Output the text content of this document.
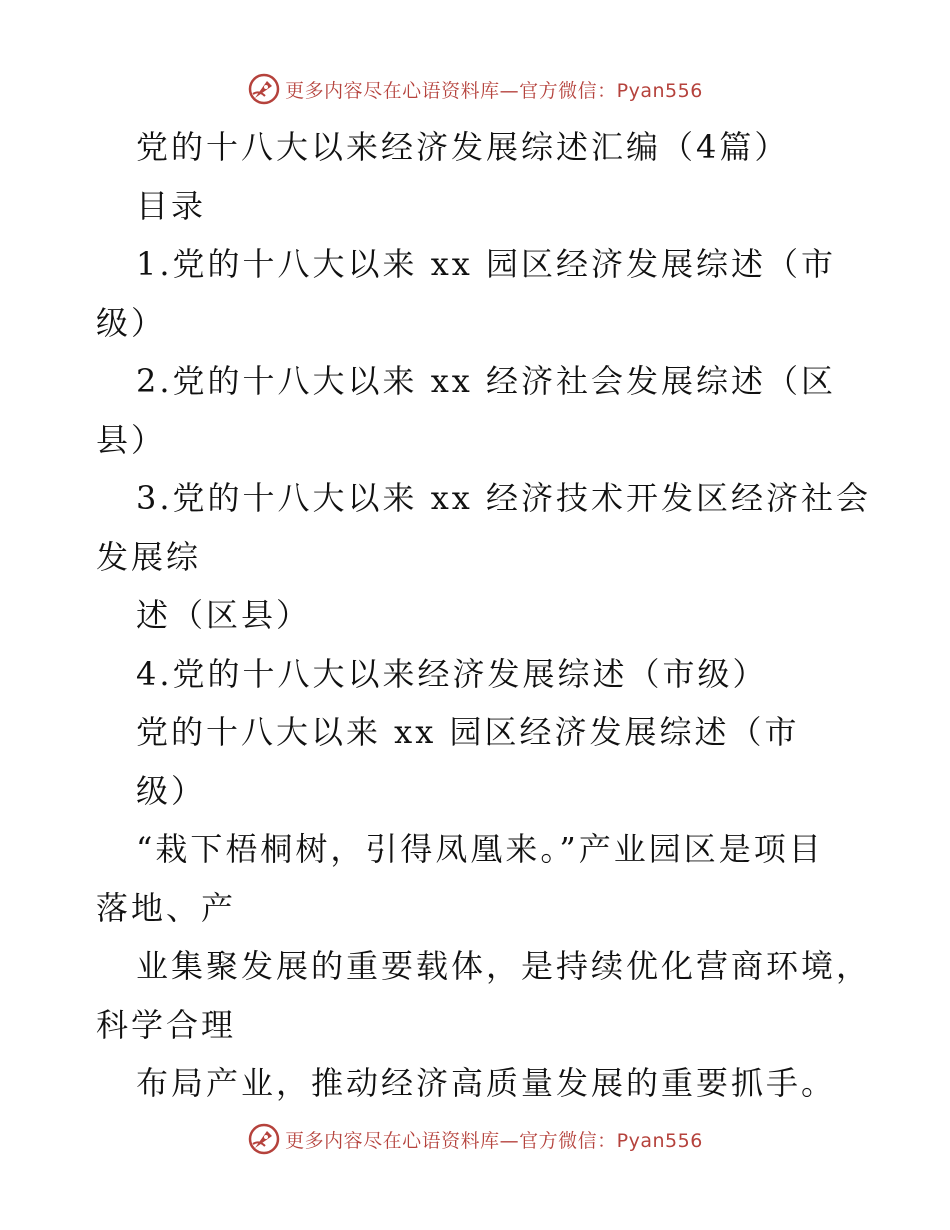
更多内容尽在心语资料库—官方微信：Pyan556
党的十八大以来经济发展综述汇编（4篇）
目录
1.党的十八大以来 xx 园区经济发展综述（市
级）
2.党的十八大以来 xx 经济社会发展综述（区
县）
3.党的十八大以来 xx 经济技术开发区经济社会
发展综
述（区县）
4.党的十八大以来经济发展综述（市级）
党的十八大以来 xx 园区经济发展综述（市
级）
“栽下梧桐树，引得凤凰来。”产业园区是项目
落地、产
业集聚发展的重要载体，是持续优化营商环境，
科学合理
布局产业，推动经济高质量发展的重要抓手。
更多内容尽在心语资料库—官方微信：Pyan556
